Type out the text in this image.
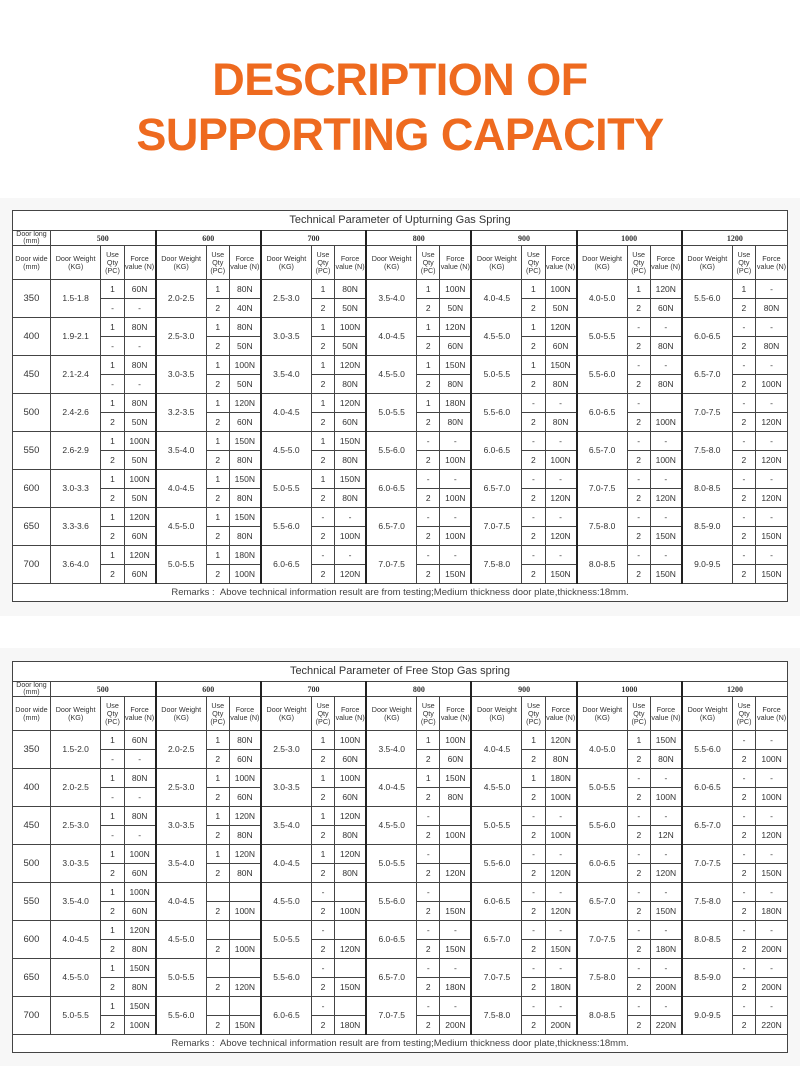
DESCRIPTION OF
SUPPORTING CAPACITY
Technical Parameter of Upturning Gas Spring																					
Door long (mm)	500			600			700			800			900			1000			1200		
Door wide (mm)	Door Weight (KG)	Use Qty (PC)	Force value (N)	Door Weight (KG)	Use Qty (PC)	Force value (N)	Door Weight (KG)	Use Qty (PC)	Force value (N)	Door Weight (KG)	Use Qty (PC)	Force value (N)	Door Weight (KG)	Use Qty (PC)	Force value (N)	Door Weight (KG)	Use Qty (PC)	Force value (N)	Door Weight (KG)	Use Qty (PC)	Force value (N)
350	1.5-1.8	1	60N	2.0-2.5	1	80N	2.5-3.0	1	80N	3.5-4.0	1	100N	4.0-4.5	1	100N	4.0-5.0	1	120N	5.5-6.0	1	-
		-	-		2	40N		2	50N		2	50N		2	50N		2	60N		2	80N
400	1.9-2.1	1	80N	2.5-3.0	1	80N	3.0-3.5	1	100N	4.0-4.5	1	120N	4.5-5.0	1	120N	5.0-5.5	-	-	6.0-6.5	-	-
		-	-		2	50N		2	50N		2	60N		2	60N		2	80N		2	80N
450	2.1-2.4	1	80N	3.0-3.5	1	100N	3.5-4.0	1	120N	4.5-5.0	1	150N	5.0-5.5	1	150N	5.5-6.0	-	-	6.5-7.0	-	-
		-	-		2	50N		2	80N		2	80N		2	80N		2	80N		2	100N
500	2.4-2.6	1	80N	3.2-3.5	1	120N	4.0-4.5	1	120N	5.0-5.5	1	180N	5.5-6.0	-	-	6.0-6.5	-		7.0-7.5	-	-
		2	50N		2	60N		2	60N		2	80N		2	80N		2	100N		2	120N
550	2.6-2.9	1	100N	3.5-4.0	1	150N	4.5-5.0	1	150N	5.5-6.0	-	-	6.0-6.5	-	-	6.5-7.0	-	-	7.5-8.0	-	-
		2	50N		2	80N		2	80N		2	100N		2	100N		2	100N		2	120N
600	3.0-3.3	1	100N	4.0-4.5	1	150N	5.0-5.5	1	150N	6.0-6.5	-	-	6.5-7.0	-	-	7.0-7.5	-	-	8.0-8.5	-	-
		2	50N		2	80N		2	80N		2	100N		2	120N		2	120N		2	120N
650	3.3-3.6	1	120N	4.5-5.0	1	150N	5.5-6.0	-	-	6.5-7.0	-	-	7.0-7.5	-	-	7.5-8.0	-	-	8.5-9.0	-	-
		2	60N		2	80N		2	100N		2	100N		2	120N		2	150N		2	150N
700	3.6-4.0	1	120N	5.0-5.5	1	180N	6.0-6.5	-	-	7.0-7.5	-	-	7.5-8.0	-	-	8.0-8.5	-	-	9.0-9.5	-	-
		2	60N		2	100N		2	120N		2	150N		2	150N		2	150N		2	150N
Remarks :  Above technical information result are from testing;Medium thickness door plate,thickness:18mm.																					
Technical Parameter of Free Stop Gas spring																					
Door long (mm)	500			600			700			800			900			1000			1200		
Door wide (mm)	Door Weight (KG)	Use Qty (PC)	Force value (N)	Door Weight (KG)	Use Qty (PC)	Force value (N)	Door Weight (KG)	Use Qty (PC)	Force value (N)	Door Weight (KG)	Use Qty (PC)	Force value (N)	Door Weight (KG)	Use Qty (PC)	Force value (N)	Door Weight (KG)	Use Qty (PC)	Force value (N)	Door Weight (KG)	Use Qty (PC)	Force value (N)
350	1.5-2.0	1	60N	2.0-2.5	1	80N	2.5-3.0	1	100N	3.5-4.0	1	100N	4.0-4.5	1	120N	4.0-5.0	1	150N	5.5-6.0	-	-
		-	-		2	60N		2	60N		2	60N		2	80N		2	80N		2	100N
400	2.0-2.5	1	80N	2.5-3.0	1	100N	3.0-3.5	1	100N	4.0-4.5	1	150N	4.5-5.0	1	180N	5.0-5.5	-	-	6.0-6.5	-	-
		-	-		2	60N		2	60N		2	80N		2	100N		2	100N		2	100N
450	2.5-3.0	1	80N	3.0-3.5	1	120N	3.5-4.0	1	120N	4.5-5.0	-		5.0-5.5	-	-	5.5-6.0	-	-	6.5-7.0	-	-
		-	-		2	80N		2	80N		2	100N		2	100N		2	12N		2	120N
500	3.0-3.5	1	100N	3.5-4.0	1	120N	4.0-4.5	1	120N	5.0-5.5	-		5.5-6.0	-	-	6.0-6.5	-	-	7.0-7.5	-	-
		2	60N		2	80N		2	80N		2	120N		2	120N		2	120N		2	150N
550	3.5-4.0	1	100N	4.0-4.5			4.5-5.0	-		5.5-6.0	-		6.0-6.5	-	-	6.5-7.0	-	-	7.5-8.0	-	-
		2	60N		2	100N		2	100N		2	150N		2	120N		2	150N		2	180N
600	4.0-4.5	1	120N	4.5-5.0			5.0-5.5	-		6.0-6.5	-	-	6.5-7.0	-	-	7.0-7.5	-	-	8.0-8.5	-	-
		2	80N		2	100N		2	120N		2	150N		2	150N		2	180N		2	200N
650	4.5-5.0	1	150N	5.0-5.5			5.5-6.0	-		6.5-7.0	-	-	7.0-7.5	-	-	7.5-8.0	-	-	8.5-9.0	-	-
		2	80N		2	120N		2	150N		2	180N		2	180N		2	200N		2	200N
700	5.0-5.5	1	150N	5.5-6.0			6.0-6.5	-		7.0-7.5	-	-	7.5-8.0	-	-	8.0-8.5	-	-	9.0-9.5	-	-
		2	100N		2	150N		2	180N		2	200N		2	200N		2	220N		2	220N
Remarks :  Above technical information result are from testing;Medium thickness door plate,thickness:18mm.																					
